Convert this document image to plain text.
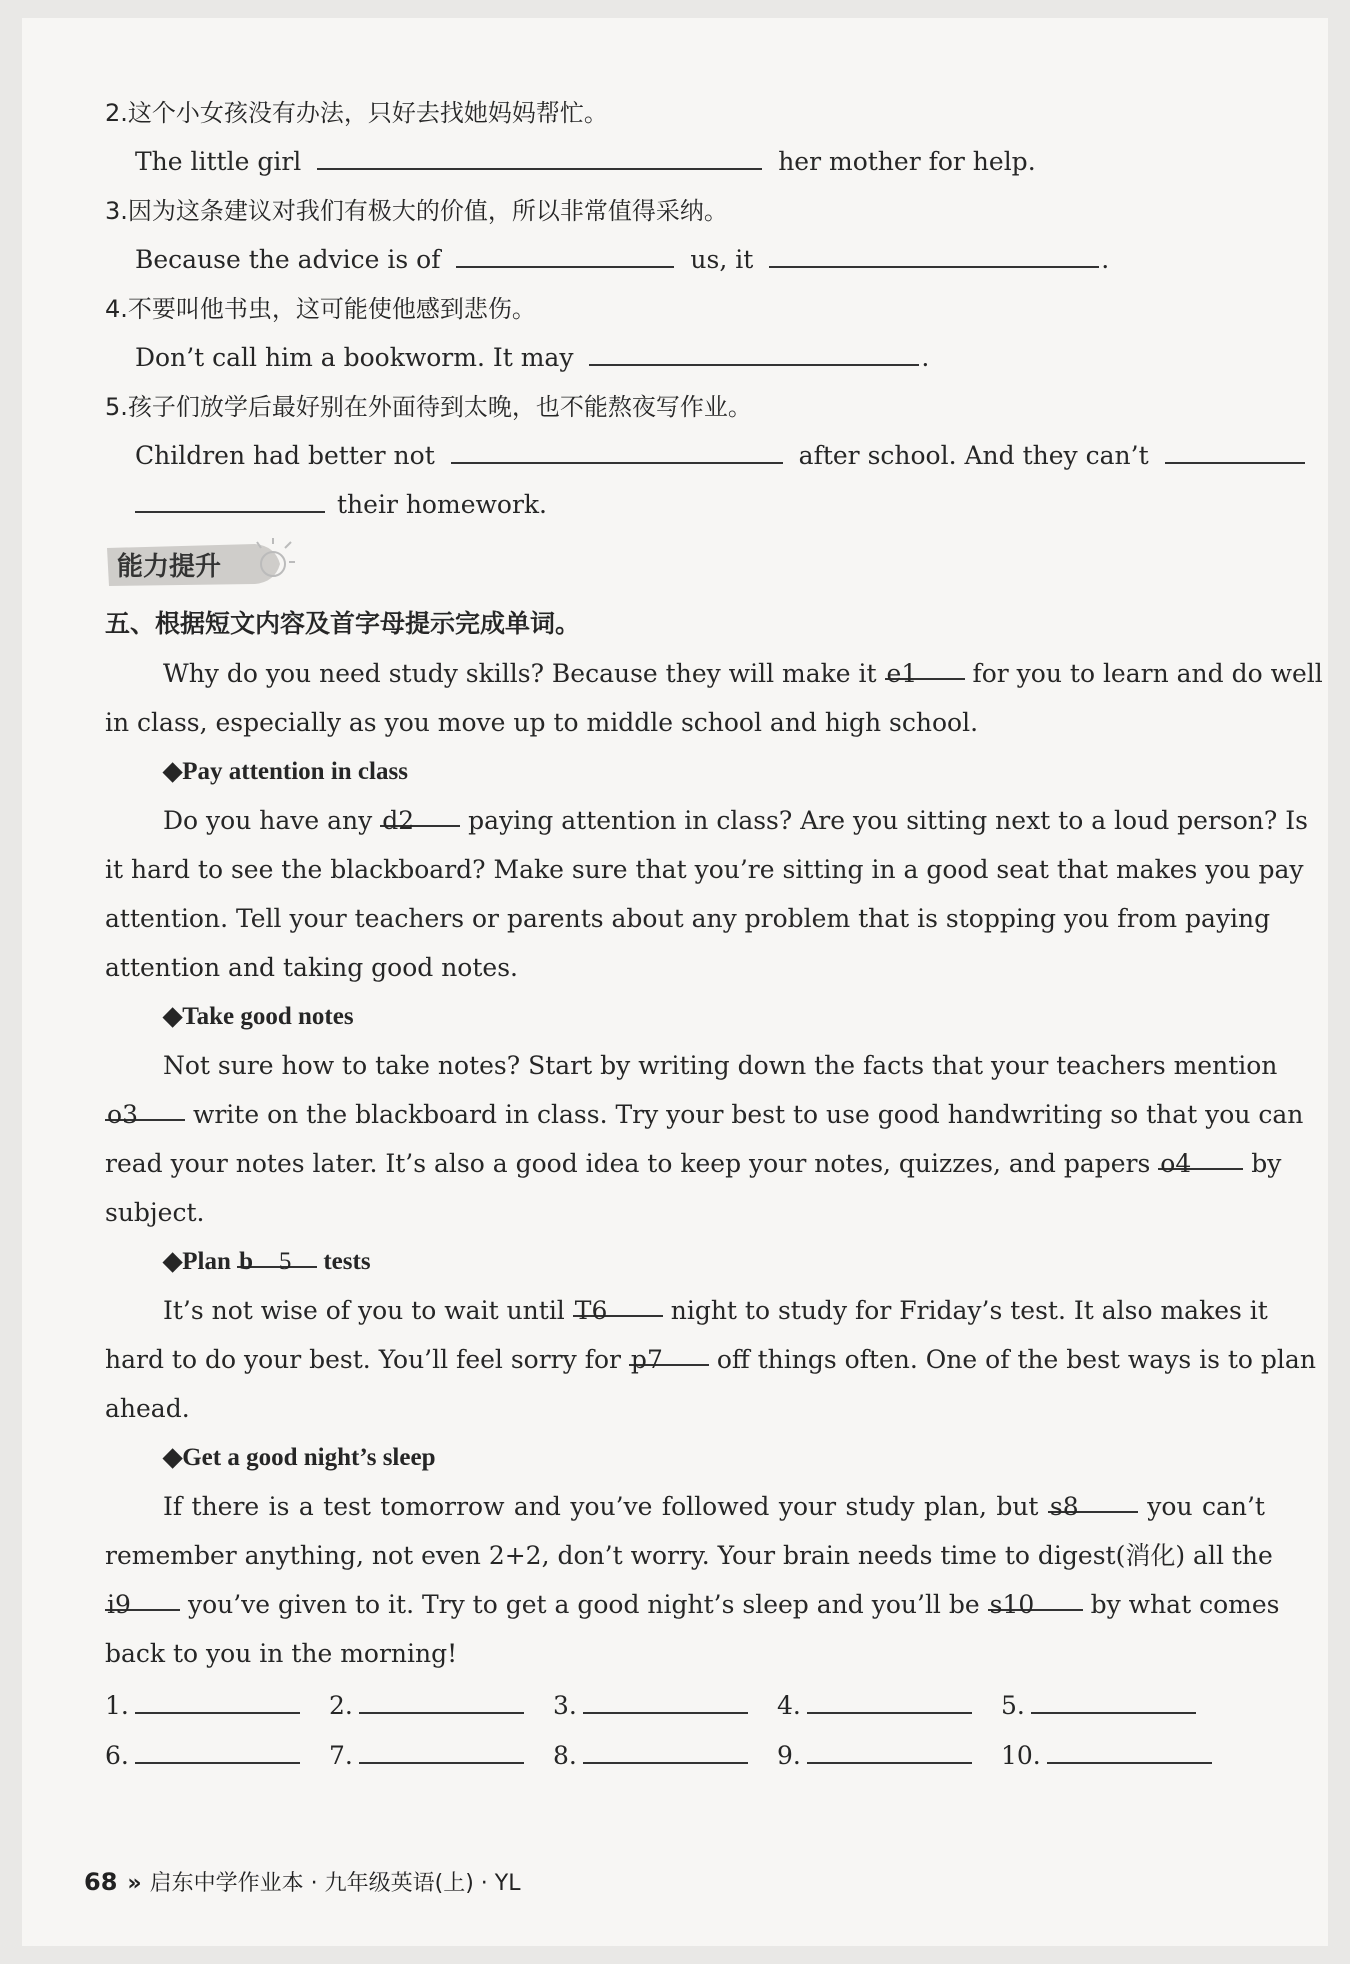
2.这个小女孩没有办法，只好去找她妈妈帮忙。
The little girl	her mother for help.
3.因为这条建议对我们有极大的价值，所以非常值得采纳。
Because the advice is of	us, it	.
4.不要叫他书虫，这可能使他感到悲伤。
Don’t call him a bookworm. It may	.
5.孩子们放学后最好别在外面待到太晚，也不能熬夜写作业。
Children had better not	after school. And they can’t
their homework.
能力提升
五、根据短文内容及首字母提示完成单词。
Why do you need study skills? Because they will make it e 1 for you to learn and do well
in class, especially as you move up to middle school and high school.
◆Pay attention in class
Do you have any d 2 paying attention in class? Are you sitting next to a loud person? Is
it hard to see the blackboard? Make sure that you’re sitting in a good seat that makes you pay
attention. Tell your teachers or parents about any problem that is stopping you from paying
attention and taking good notes.
◆Take good notes
Not sure how to take notes? Start by writing down the facts that your teachers mention
o 3 write on the blackboard in class. Try your best to use good handwriting so that you can
read your notes later. It’s also a good idea to keep your notes, quizzes, and papers o 4 by
subject.
◆Plan b 5 tests
It’s not wise of you to wait until T 6	night to study for Friday’s test. It also makes it
hard to do your best. You’ll feel sorry for p 7 off things often. One of the best ways is to plan
ahead.
◆Get a good night’s sleep
If there is a test tomorrow and you’ve followed your study plan, but s 8	you can’t
remember anything, not even 2+2, don’t worry. Your brain needs time to digest(消化) all the
i 9 you’ve given to it. Try to get a good night’s sleep and you’ll be s 10 by what comes
back to you in the morning!
1.	2.	3.	4.	5.
6.	7.	8.	9.	10.
68 » 启东中学作业本 · 九年级英语(上) · YL
